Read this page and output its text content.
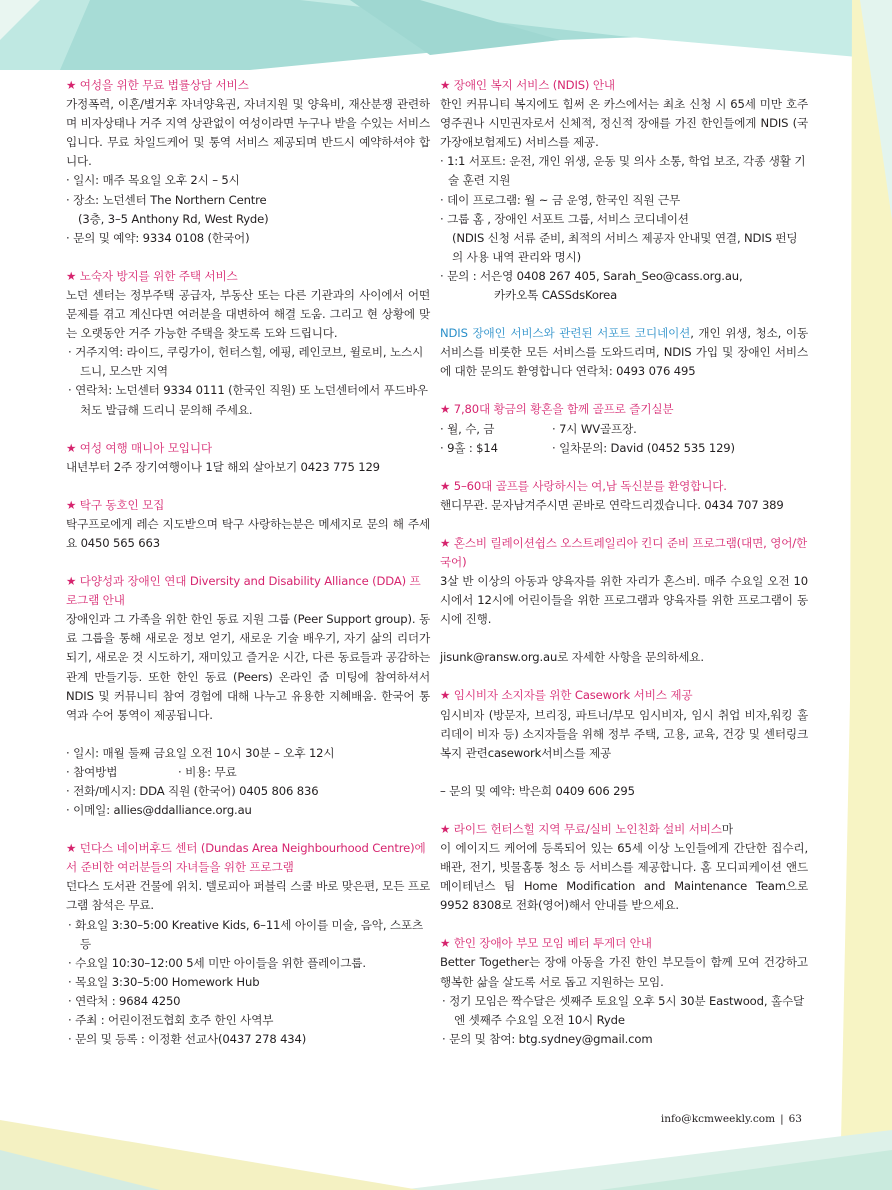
★ 여성을 위한 무료 법률상담 서비스
가정폭력, 이혼/별거후 자녀양육권, 자녀지원 및 양육비, 재산분쟁 관련하며 비자상태나 거주 지역 상관없이 여성이라면 누구나 받을 수있는 서비스입니다. 무료 차일드케어 및 통역 서비스 제공되며 반드시 예약하셔야 합니다.
· 일시: 매주 목요일 오후 2시 – 5시
· 장소: 노던센터 The Northern Centre
(3층, 3–5 Anthony Rd, West Ryde)
· 문의 및 예약: 9334 0108 (한국어)
★ 노숙자 방지를 위한 주택 서비스
노던 센터는 정부주택 공급자, 부동산 또는 다른 기관과의 사이에서 어떤 문제를 겪고 계신다면 여러분을 대변하여 해결 도움. 그리고 현 상황에 맞는 오랫동안 거주 가능한 주택을 찾도록 도와 드립니다.
· 거주지역: 라이드, 쿠링가이, 헌터스힐, 에핑, 레인코브, 윌로비, 노스시드니, 모스만 지역
· 연락처: 노던센터 9334 0111 (한국인 직원) 또 노던센터에서 푸드바우처도 발급해 드리니 문의해 주세요.
★ 여성 여행 매니아 모입니다
내년부터 2주 장기여행이나 1달 해외 살아보기 0423 775 129
★ 탁구 동호인 모집
탁구프로에게 레슨 지도받으며 탁구 사랑하는분은 메세지로 문의 해 주세요 0450 565 663
★ 다양성과 장애인 연대 Diversity and Disability Alliance (DDA) 프로그램 안내
장애인과 그 가족을 위한 한인 동료 지원 그룹 (Peer Support group). 동료 그룹을 통해 새로운 정보 얻기, 새로운 기술 배우기, 자기 삶의 리더가 되기, 새로운 것 시도하기, 재미있고 즐거운 시간, 다른 동료들과 공감하는 관계 만들기등. 또한 한인 동료 (Peers) 온라인 줌 미팅에 참여하셔서 NDIS 및 커뮤니티 참여 경험에 대해 나누고 유용한 지혜배움. 한국어 통역과 수어 통역이 제공됩니다.
· 일시: 매월 둘째 금요일 오전 10시 30분 – 오후 12시
· 참여방법	· 비용: 무료
· 전화/메시지: DDA 직원 (한국어) 0405 806 836
· 이메일: allies@ddalliance.org.au
★ 던다스 네이버후드 센터 (Dundas Area Neighbourhood Centre)에서 준비한 여러분들의 자녀들을 위한 프로그램
던다스 도서관 건물에 위치. 텔로피아 퍼블릭 스쿨 바로 맞은편, 모든 프로그램 참석은 무료.
· 화요일 3:30–5:00 Kreative Kids, 6–11세 아이를 미술, 음악, 스포츠 등
· 수요일 10:30–12:00 5세 미만 아이들을 위한 플레이그룹.
· 목요일 3:30–5:00 Homework Hub
· 연락처 : 9684 4250
· 주최 : 어린이전도협회 호주 한인 사역부
· 문의 및 등록 : 이정환 선교사(0437 278 434)
★ 장애인 복지 서비스 (NDIS) 안내
한인 커뮤니티 복지에도 힘써 온 카스에서는 최초 신청 시 65세 미만 호주 영주권나 시민권자로서 신체적, 정신적 장애를 가진 한인들에게 NDIS (국가장애보험제도) 서비스를 제공.
· 1:1 서포트: 운전, 개인 위생, 운동 및 의사 소통, 학업 보조, 각종 생활 기술 훈련 지원
· 데이 프로그램: 월 ~ 금 운영, 한국인 직원 근무
· 그룹 홈 , 장애인 서포트 그룹, 서비스 코디네이션
(NDIS 신청 서류 준비, 최적의 서비스 제공자 안내및 연결, NDIS 펀딩의 사용 내역 관리와 명시)
· 문의 : 서은영 0408 267 405, Sarah_Seo@cass.org.au,
카카오톡 CASSdsKorea
NDIS 장애인 서비스와 관련된 서포트 코디네이션, 개인 위생, 청소, 이동 서비스를 비롯한 모든 서비스를 도와드리며, NDIS 가입 및 장애인 서비스에 대한 문의도 환영합니다 연락처: 0493 076 495
★ 7,80대 황금의 황혼을 함께 골프로 즐기실분
· 월, 수, 금	· 7시 WV골프장.
· 9홀 : $14	· 일차문의: David (0452 535 129)
★ 5–60대 골프를 사랑하시는 여,남 독신분를 환영합니다.
핸디무관. 문자남겨주시면 곧바로 연락드리겠습니다. 0434 707 389
★ 혼스비 릴레이션쉽스 오스트레일리아 킨디 준비 프로그램(대면, 영어/한국어)
3살 반 이상의 아동과 양육자를 위한 자리가 혼스비. 매주 수요일 오전 10시에서 12시에 어린이들을 위한 프로그램과 양육자를 위한 프로그램이 동시에 진행.
jisunk@ransw.org.au로 자세한 사항을 문의하세요.
★ 임시비자 소지자를 위한 Casework 서비스 제공
임시비자 (방문자, 브리징, 파트너/부모 임시비자, 임시 취업 비자,워킹 홀리데이 비자 등) 소지자들을 위해 정부 주택, 고용, 교육, 건강 및 센터링크 복지 관련casework서비스를 제공
– 문의 및 예약: 박은희 0409 606 295
★ 라이드 헌터스힐 지역 무료/실비 노인친화 설비 서비스마
이 에이지드 케어에 등록되어 있는 65세 이상 노인들에게 간단한 집수리, 배관, 전기, 빗물홈통 청소 등 서비스를 제공합니다. 홈 모디피케이션 앤드 메이테넌스 팀 Home Modification and Maintenance Team으로 9952 8308로 전화(영어)해서 안내를 받으세요.
★ 한인 장애아 부모 모임 베터 투게더 안내
Better Together는 장애 아동을 가진 한인 부모들이 함께 모여 건강하고 행복한 삶을 살도록 서로 돕고 지원하는 모임.
· 정기 모임은 짝수달은 셋째주 토요일 오후 5시 30분 Eastwood, 홀수달엔 셋째주 수요일 오전 10시 Ryde
· 문의 및 참여: btg.sydney@gmail.com
info@kcmweekly.com | 63
